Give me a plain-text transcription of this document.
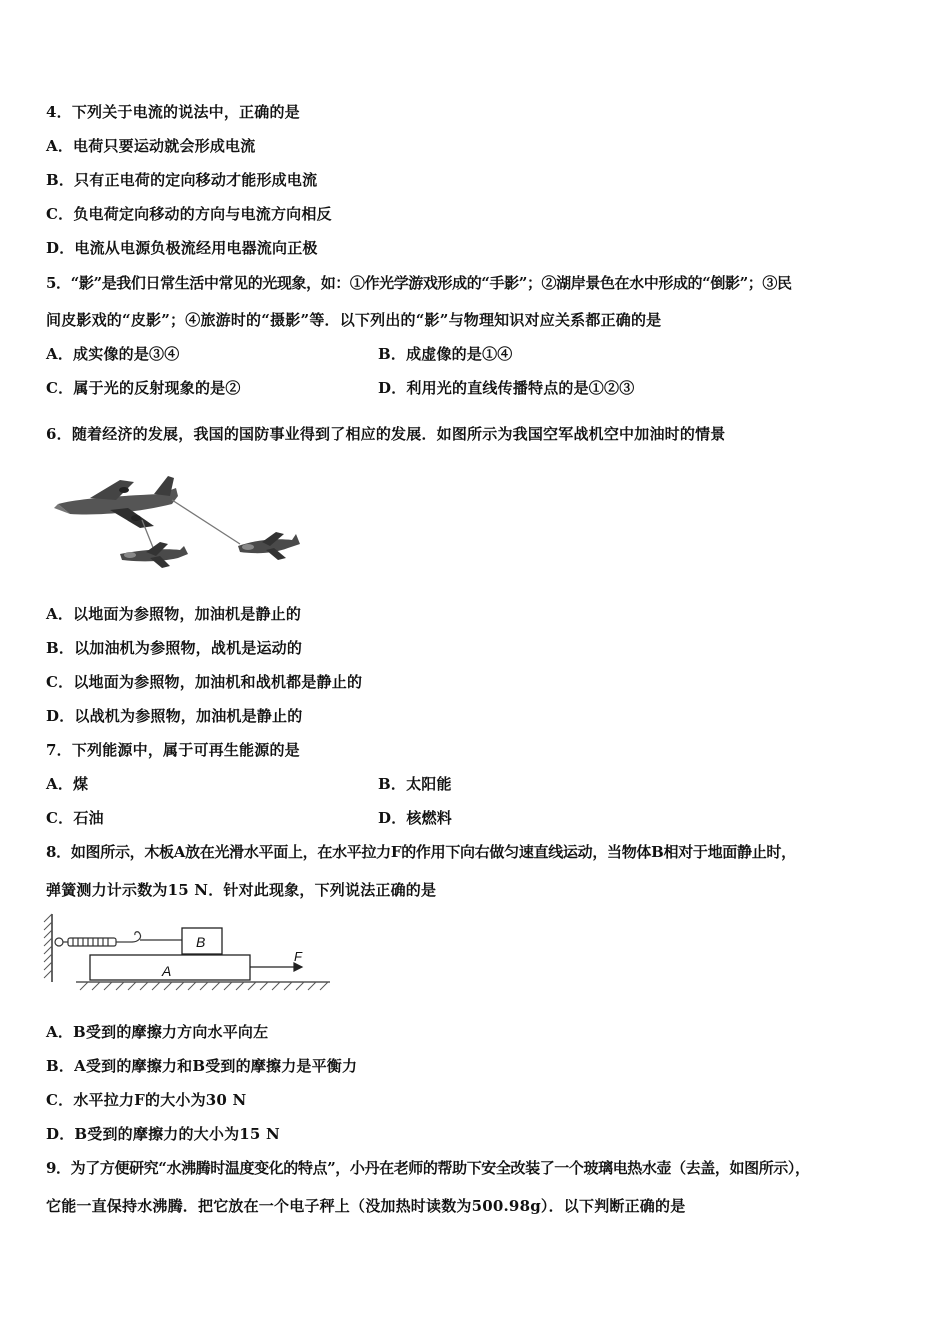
4．下列关于电流的说法中，正确的是
A．电荷只要运动就会形成电流
B．只有正电荷的定向移动才能形成电流
C．负电荷定向移动的方向与电流方向相反
D．电流从电源负极流经用电器流向正极
5．“影”是我们日常生活中常见的光现象，如：①作光学游戏形成的“手影”；②湖岸景色在水中形成的“倒影”；③民
间皮影戏的“皮影”；④旅游时的“摄影”等．以下列出的“影”与物理知识对应关系都正确的是
A．成实像的是③④	B．成虚像的是①④
C．属于光的反射现象的是②	D．利用光的直线传播特点的是①②③
6．随着经济的发展，我国的国防事业得到了相应的发展．如图所示为我国空军战机空中加油时的情景
A．以地面为参照物，加油机是静止的
B．以加油机为参照物，战机是运动的
C．以地面为参照物，加油机和战机都是静止的
D．以战机为参照物，加油机是静止的
7．下列能源中，属于可再生能源的是
A．煤	B．太阳能
C．石油	D．核燃料
8．如图所示，木板A放在光滑水平面上，在水平拉力F的作用下向右做匀速直线运动，当物体B相对于地面静止时，
弹簧测力计示数为15 N．针对此现象，下列说法正确的是
B
A
F
A．B受到的摩擦力方向水平向左
B．A受到的摩擦力和B受到的摩擦力是平衡力
C．水平拉力F的大小为30 N
D．B受到的摩擦力的大小为15 N
9．为了方便研究“水沸腾时温度变化的特点”，小丹在老师的帮助下安全改装了一个玻璃电热水壶（去盖，如图所示），
它能一直保持水沸腾．把它放在一个电子秤上（没加热时读数为500.98g）．以下判断正确的是
